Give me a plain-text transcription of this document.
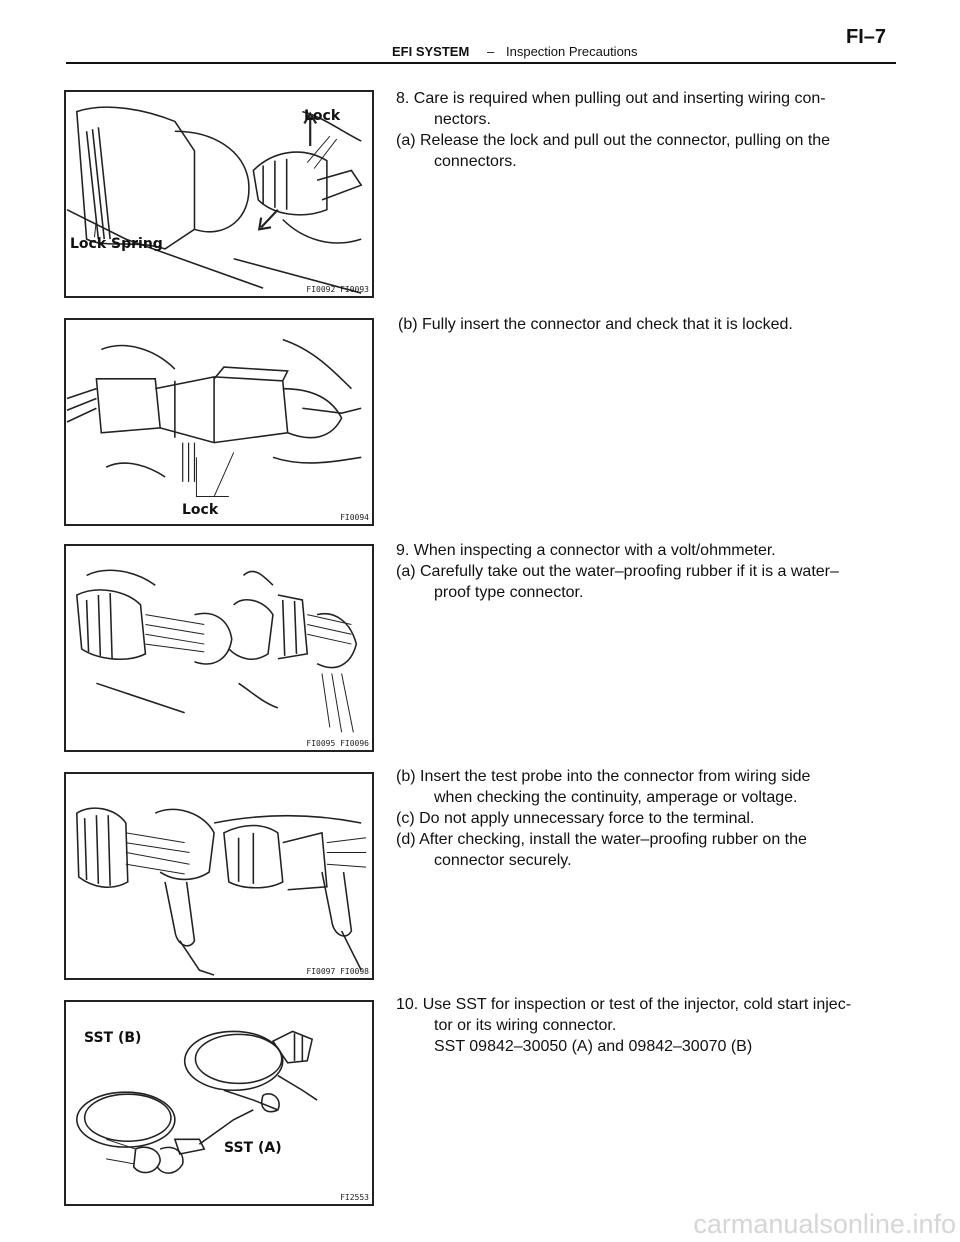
EFI SYSTEM – Inspection Precautions
FI–7
Lock
Lock Spring
FI0092 FI0093
Lock	FI0094
FI0095 FI0096
FI0097 FI0098
SST (B)
SST (A)
FI2553
8. Care is required when pulling out and inserting wiring con-
nectors.
(a) Release the lock and pull out the connector, pulling on the
connectors.
(b) Fully insert the connector and check that it is locked.
9. When inspecting a connector with a volt/ohmmeter.
(a) Carefully take out the water–proofing rubber if it is a water–
proof type connector.
(b) Insert the test probe into the connector from wiring side
when checking the continuity, amperage or voltage.
(c) Do not apply unnecessary force to the terminal.
(d) After checking, install the water–proofing rubber on the
connector securely.
10. Use SST for inspection or test of the injector, cold start injec-
tor or its wiring connector.
SST 09842–30050 (A) and 09842–30070 (B)
carmanualsonline.info
